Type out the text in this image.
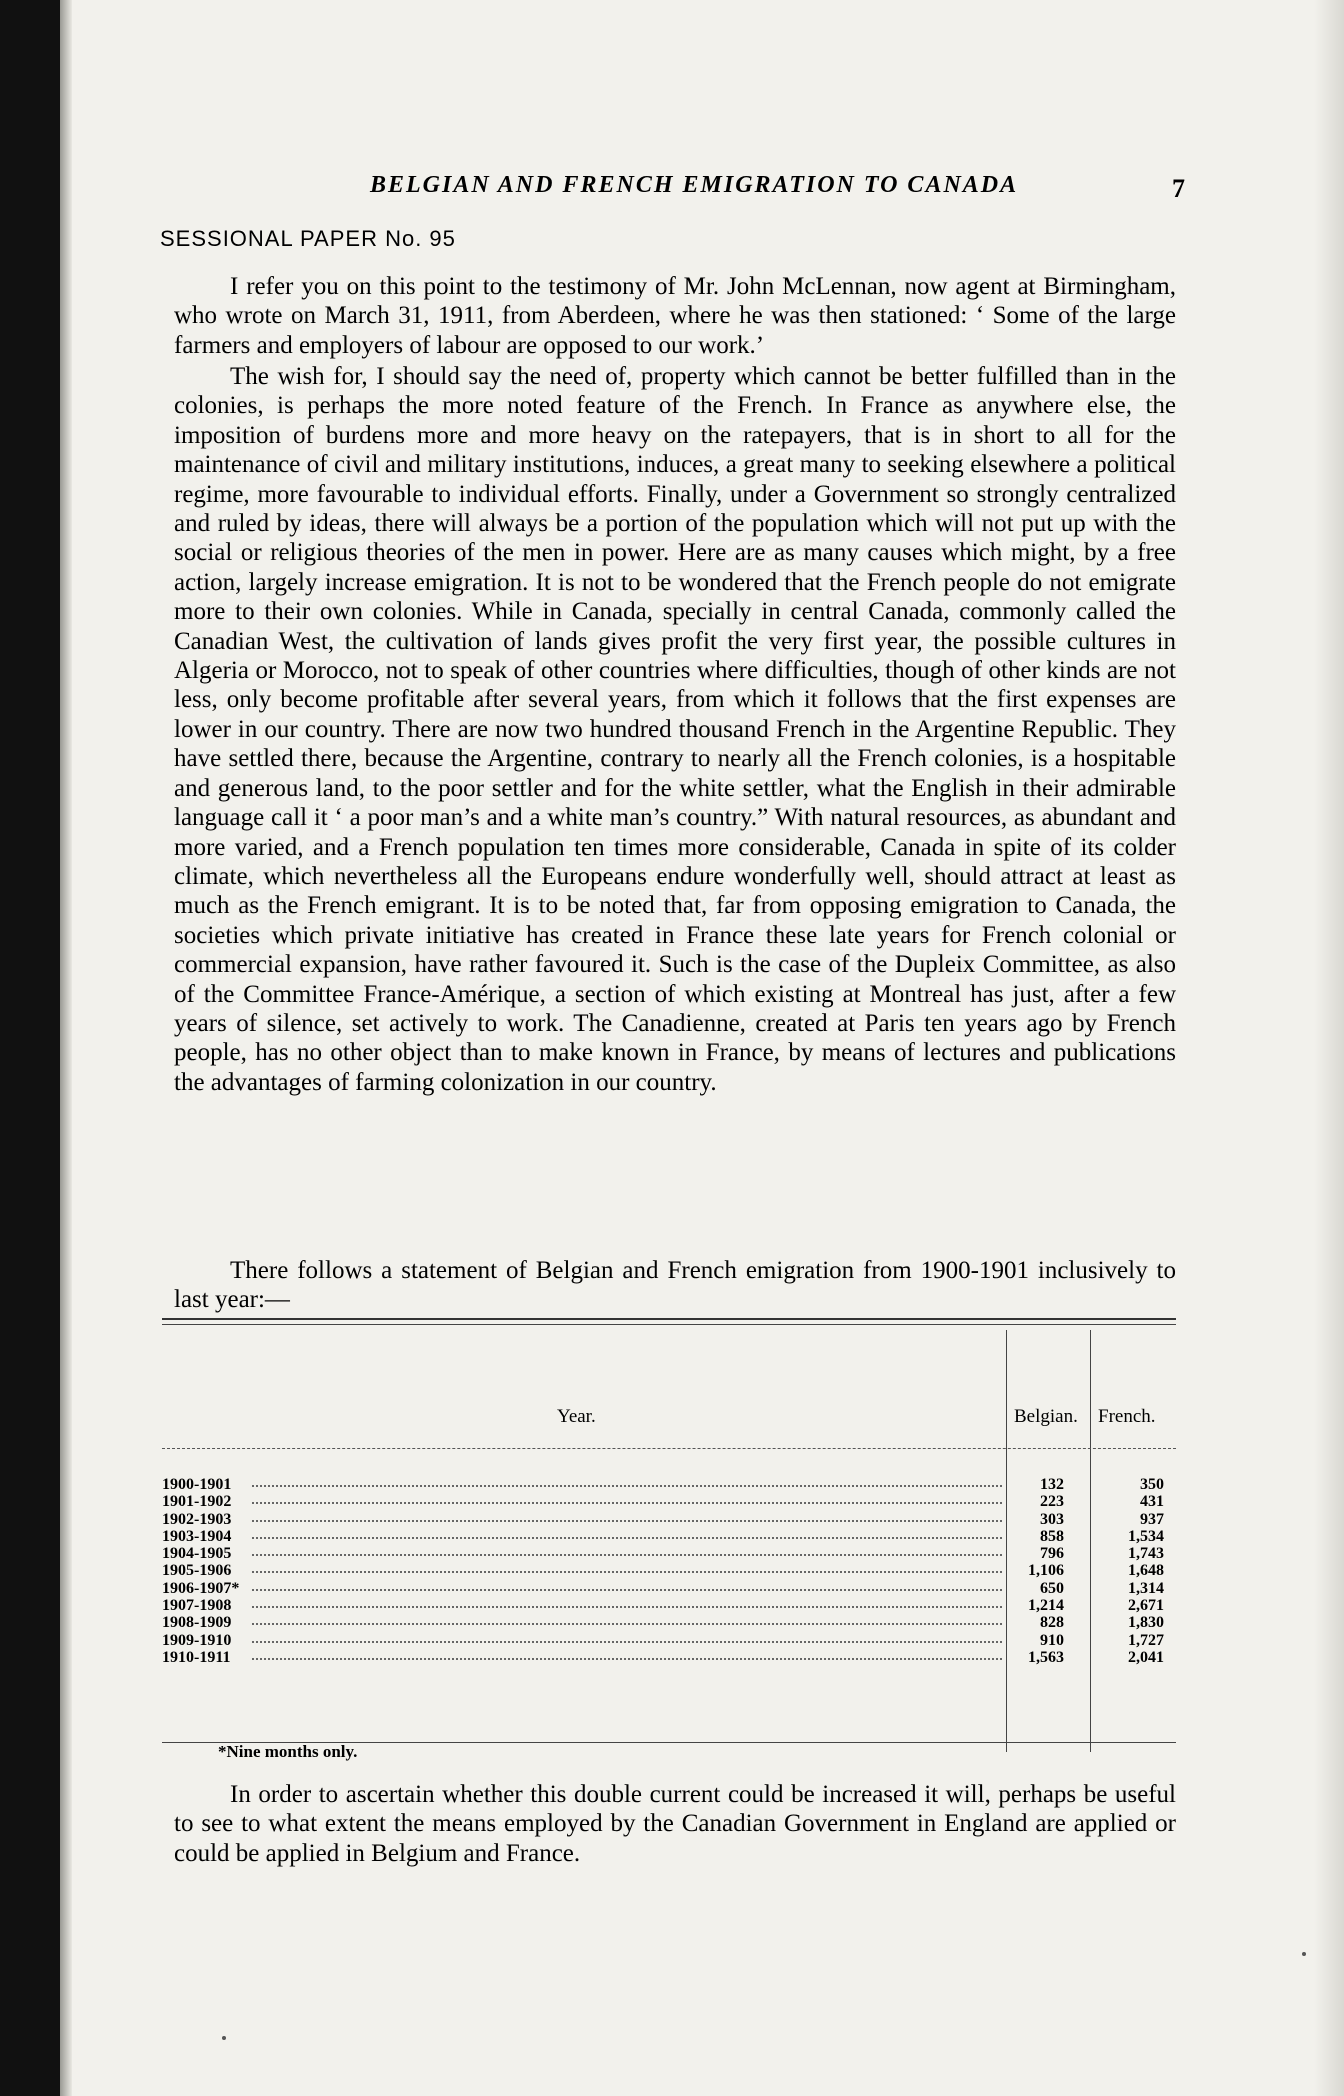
BELGIAN AND FRENCH EMIGRATION TO CANADA	7
SESSIONAL PAPER No. 95

I refer you on this point to the testimony of Mr. John McLennan, now agent at Birmingham, who wrote on March 31, 1911, from Aberdeen, where he was then stationed: ‘ Some of the large farmers and employers of labour are opposed to our work.’

The wish for, I should say the need of, property which cannot be better fulfilled than in the colonies, is perhaps the more noted feature of the French. In France as anywhere else, the imposition of burdens more and more heavy on the ratepayers, that is in short to all for the maintenance of civil and military institutions, induces, a great many to seeking elsewhere a political regime, more favourable to individual efforts. Finally, under a Government so strongly centralized and ruled by ideas, there will always be a portion of the population which will not put up with the social or religious theories of the men in power. Here are as many causes which might, by a free action, largely increase emigration. It is not to be wondered that the French people do not emigrate more to their own colonies. While in Canada, specially in central Canada, commonly called the Canadian West, the cultivation of lands gives profit the very first year, the possible cultures in Algeria or Morocco, not to speak of other countries where difficulties, though of other kinds are not less, only become profitable after several years, from which it follows that the first expenses are lower in our country. There are now two hundred thousand French in the Argentine Republic. They have settled there, because the Argentine, contrary to nearly all the French colonies, is a hospitable and generous land, to the poor settler and for the white settler, what the English in their admirable language call it ‘ a poor man’s and a white man’s country.” With natural resources, as abundant and more varied, and a French population ten times more considerable, Canada in spite of its colder climate, which nevertheless all the Europeans endure wonderfully well, should attract at least as much as the French emigrant. It is to be noted that, far from opposing emigration to Canada, the societies which private initiative has created in France these late years for French colonial or commercial expansion, have rather favoured it. Such is the case of the Dupleix Committee, as also of the Committee France-Amérique, a section of which existing at Montreal has just, after a few years of silence, set actively to work. The Canadienne, created at Paris ten years ago by French people, has no other object than to make known in France, by means of lectures and publications the advantages of farming colonization in our country.

There follows a statement of Belgian and French emigration from 1900-1901 inclusively to last year:—

Year.	Belgian. French.
1900-1901	132	350
1901-1902	223	431
1902-1903	303	937
1903-1904	858	1,534
1904-1905	796	1,743
1905-1906	1,106	1,648
1906-1907*	650	1,314
1907-1908	1,214	2,671
1908-1909	828	1,830
1909-1910	910	1,727
1910-1911	1,563	2,041
*Nine months only.

In order to ascertain whether this double current could be increased it will, perhaps be useful to see to what extent the means employed by the Canadian Government in England are applied or could be applied in Belgium and France.
